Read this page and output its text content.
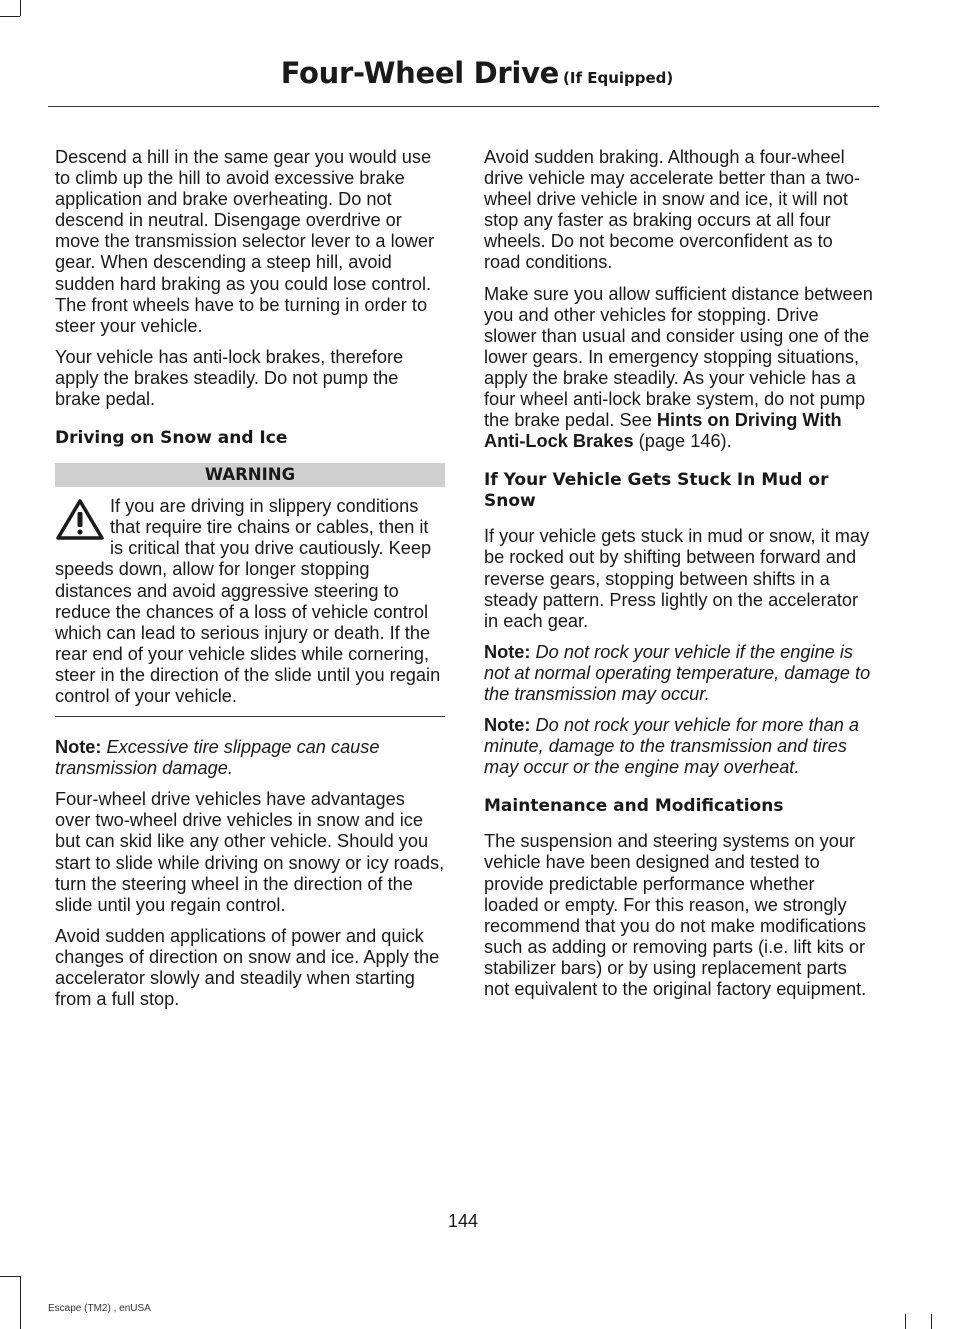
Four-Wheel Drive (If Equipped)

Descend a hill in the same gear you would use to climb up the hill to avoid excessive brake application and brake overheating. Do not descend in neutral. Disengage overdrive or move the transmission selector lever to a lower gear. When descending a steep hill, avoid sudden hard braking as you could lose control. The front wheels have to be turning in order to steer your vehicle.

Your vehicle has anti-lock brakes, therefore apply the brakes steadily. Do not pump the brake pedal.

Driving on Snow and Ice
WARNING

If you are driving in slippery conditions that require tire chains or cables, then it is critical that you drive cautiously. Keep speeds down, allow for longer stopping distances and avoid aggressive steering to reduce the chances of a loss of vehicle control which can lead to serious injury or death. If the rear end of your vehicle slides while cornering, steer in the direction of the slide until you regain control of your vehicle.

Note: Excessive tire slippage can cause transmission damage.

Four-wheel drive vehicles have advantages over two-wheel drive vehicles in snow and ice but can skid like any other vehicle. Should you start to slide while driving on snowy or icy roads, turn the steering wheel in the direction of the slide until you regain control.

Avoid sudden applications of power and quick changes of direction on snow and ice. Apply the accelerator slowly and steadily when starting from a full stop.

Avoid sudden braking. Although a four-wheel drive vehicle may accelerate better than a two-wheel drive vehicle in snow and ice, it will not stop any faster as braking occurs at all four wheels. Do not become overconfident as to road conditions.

Make sure you allow sufficient distance between you and other vehicles for stopping. Drive slower than usual and consider using one of the lower gears. In emergency stopping situations, apply the brake steadily. As your vehicle has a four wheel anti-lock brake system, do not pump the brake pedal. See Hints on Driving With Anti-Lock Brakes (page 146).

If Your Vehicle Gets Stuck In Mud or Snow

If your vehicle gets stuck in mud or snow, it may be rocked out by shifting between forward and reverse gears, stopping between shifts in a steady pattern. Press lightly on the accelerator in each gear.

Note: Do not rock your vehicle if the engine is not at normal operating temperature, damage to the transmission may occur.

Note: Do not rock your vehicle for more than a minute, damage to the transmission and tires may occur or the engine may overheat.

Maintenance and Modifications

The suspension and steering systems on your vehicle have been designed and tested to provide predictable performance whether loaded or empty. For this reason, we strongly recommend that you do not make modifications such as adding or removing parts (i.e. lift kits or stabilizer bars) or by using replacement parts not equivalent to the original factory equipment.

144
Escape (TM2) , enUSA
